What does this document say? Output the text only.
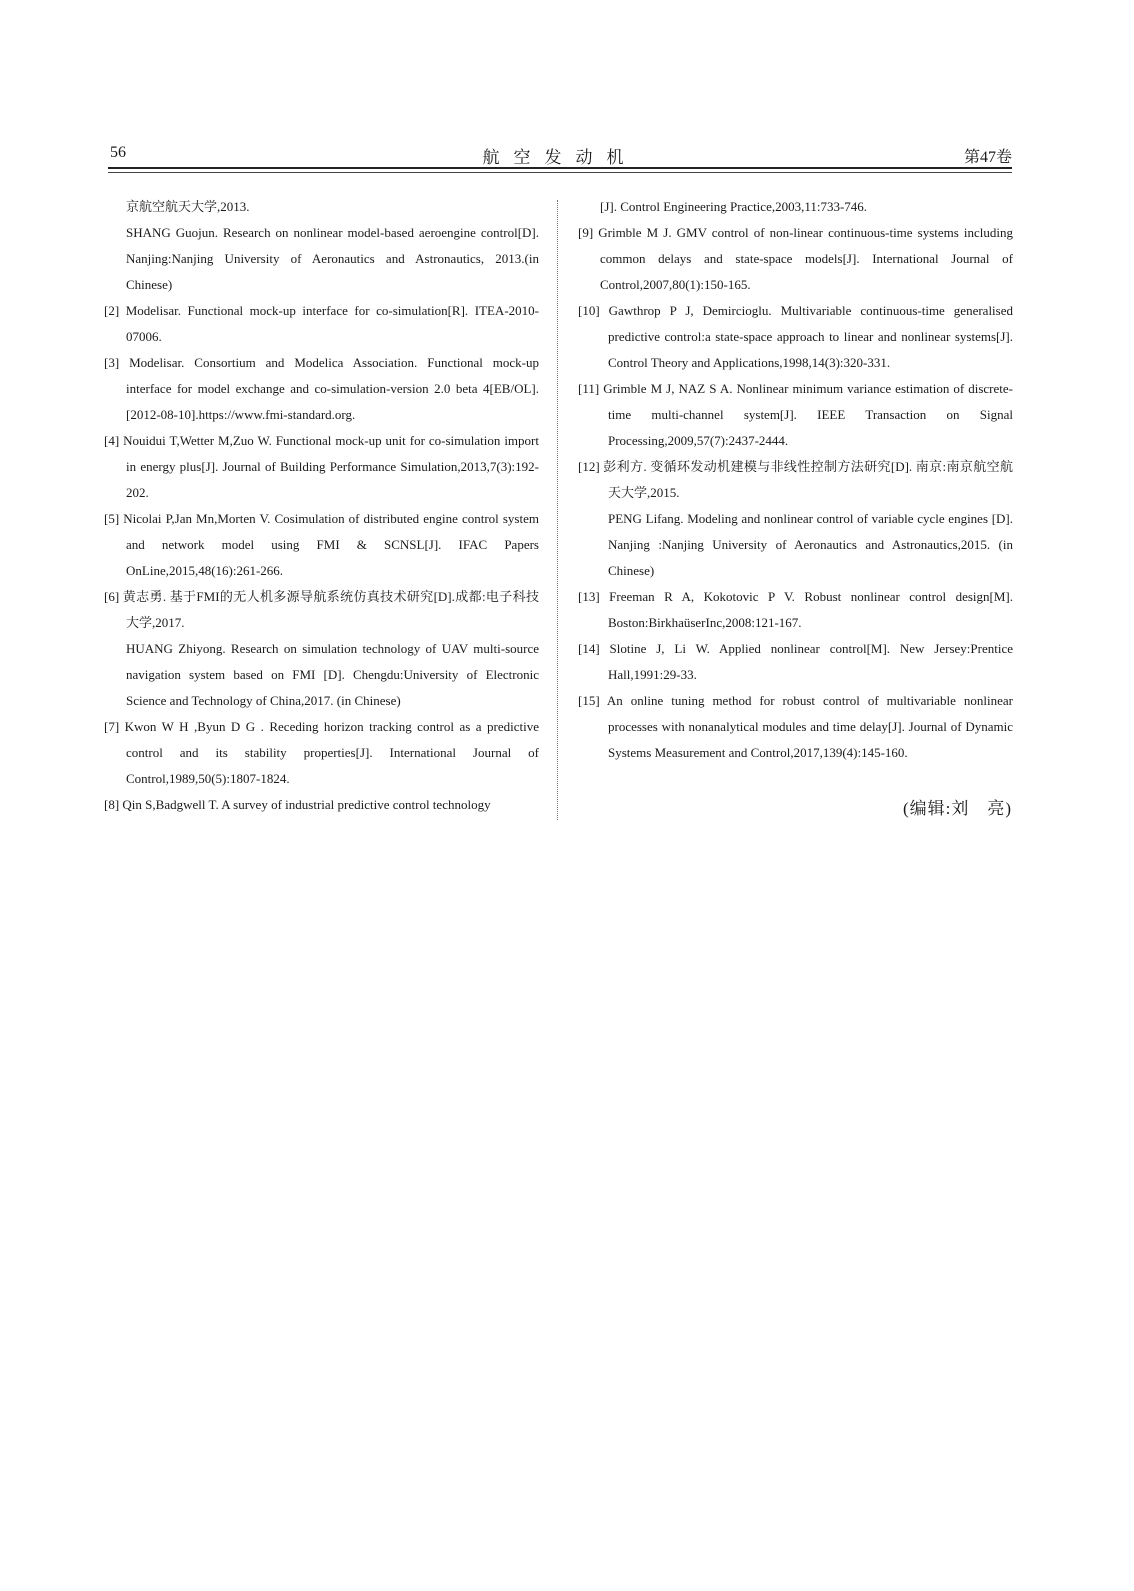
56	航空发动机	第47卷

京航空航天大学,2013.

SHANG Guojun. Research on nonlinear model-based aeroengine control[D]. Nanjing:Nanjing University of Aeronautics and Astronautics, 2013.(in Chinese)

[2] Modelisar. Functional mock-up interface for co-simulation[R]. ITEA-2010-07006.

[3] Modelisar. Consortium and Modelica Association. Functional mock-up interface for model exchange and co-simulation-version 2.0 beta 4[EB/OL]. [2012-08-10].https://www.fmi-standard.org.

[4] Nouidui T,Wetter M,Zuo W. Functional mock-up unit for co-simulation import in energy plus[J]. Journal of Building Performance Simulation,2013,7(3):192-202.

[5] Nicolai P,Jan Mn,Morten V. Cosimulation of distributed engine control system and network model using FMI & SCNSL[J]. IFAC Papers OnLine,2015,48(16):261-266.

[6] 黄志勇. 基于FMI的无人机多源导航系统仿真技术研究[D].成都:电子科技大学,2017.

HUANG Zhiyong. Research on simulation technology of UAV multi-source navigation system based on FMI [D]. Chengdu:University of Electronic Science and Technology of China,2017. (in Chinese)

[7] Kwon W H ,Byun D G . Receding horizon tracking control as a predictive control and its stability properties[J]. International Journal of Control,1989,50(5):1807-1824.

[8] Qin S,Badgwell T. A survey of industrial predictive control technology

[J]. Control Engineering Practice,2003,11:733-746.

[9] Grimble M J. GMV control of non-linear continuous-time systems including common delays and state-space models[J]. International Journal of Control,2007,80(1):150-165.

[10] Gawthrop P J, Demircioglu. Multivariable continuous-time generalised predictive control:a state-space approach to linear and nonlinear systems[J]. Control Theory and Applications,1998,14(3):320-331.

[11] Grimble M J, NAZ S A. Nonlinear minimum variance estimation of discrete-time multi-channel system[J]. IEEE Transaction on Signal Processing,2009,57(7):2437-2444.

[12] 彭利方. 变循环发动机建模与非线性控制方法研究[D]. 南京:南京航空航天大学,2015.

PENG Lifang. Modeling and nonlinear control of variable cycle engines [D]. Nanjing :Nanjing University of Aeronautics and Astronautics,2015. (in Chinese)

[13] Freeman R A, Kokotovic P V. Robust nonlinear control design[M]. Boston:BirkhaüserInc,2008:121-167.

[14] Slotine J, Li W. Applied nonlinear control[M]. New Jersey:Prentice Hall,1991:29-33.

[15] An online tuning method for robust control of multivariable nonlinear processes with nonanalytical modules and time delay[J]. Journal of Dynamic Systems Measurement and Control,2017,139(4):145-160.

(编辑:刘　亮)
